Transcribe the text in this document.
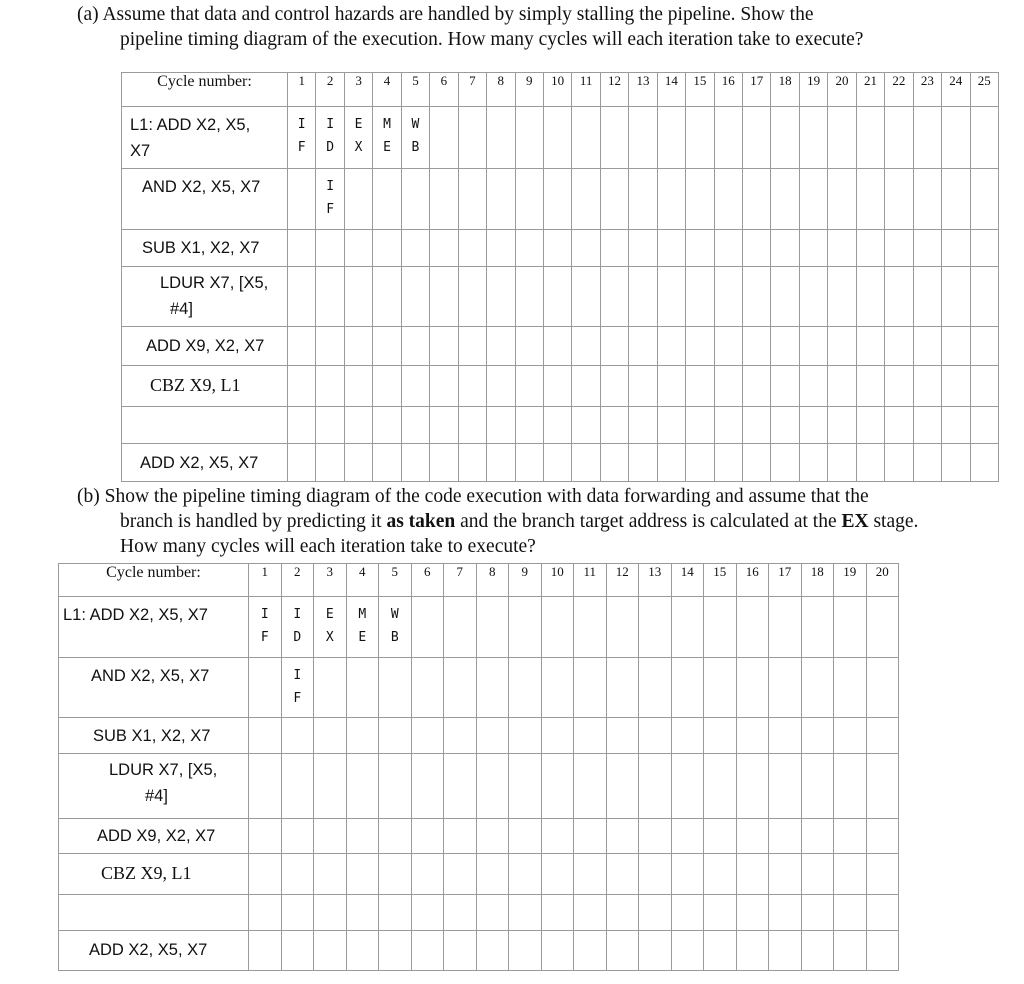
(a) Assume that data and control hazards are handled by simply stalling the pipeline. Show the
pipeline timing diagram of the execution. How many cycles will each iteration take to execute?
Cycle number:	1	2	3	4	5	6	7	8	9	10	11	12	13	14	15	16	17	18	19	20	21	22	23	24	25

L1: ADD X2, X5,
X7	I
F	I
D	E
X	M
E	W
B																				

AND X2, X5, X7		I
F																							

SUB X1, X2, X7																									

LDUR X7, [X5,
#4]																									

ADD X9, X2, X7																									

CBZ X9, L1																									

ADD X2, X5, X7																									

(b) Show the pipeline timing diagram of the code execution with data forwarding and assume that the
branch is handled by predicting it as taken and the branch target address is calculated at the EX stage.
How many cycles will each iteration take to execute?
Cycle number:	1	2	3	4	5	6	7	8	9	10	11	12	13	14	15	16	17	18	19	20

L1: ADD X2, X5, X7	I
F	I
D	E
X	M
E	W
B															

AND X2, X5, X7		I
F																		

SUB X1, X2, X7																				

LDUR X7, [X5,
#4]																				

ADD X9, X2, X7																				

CBZ X9, L1																				

ADD X2, X5, X7																				
